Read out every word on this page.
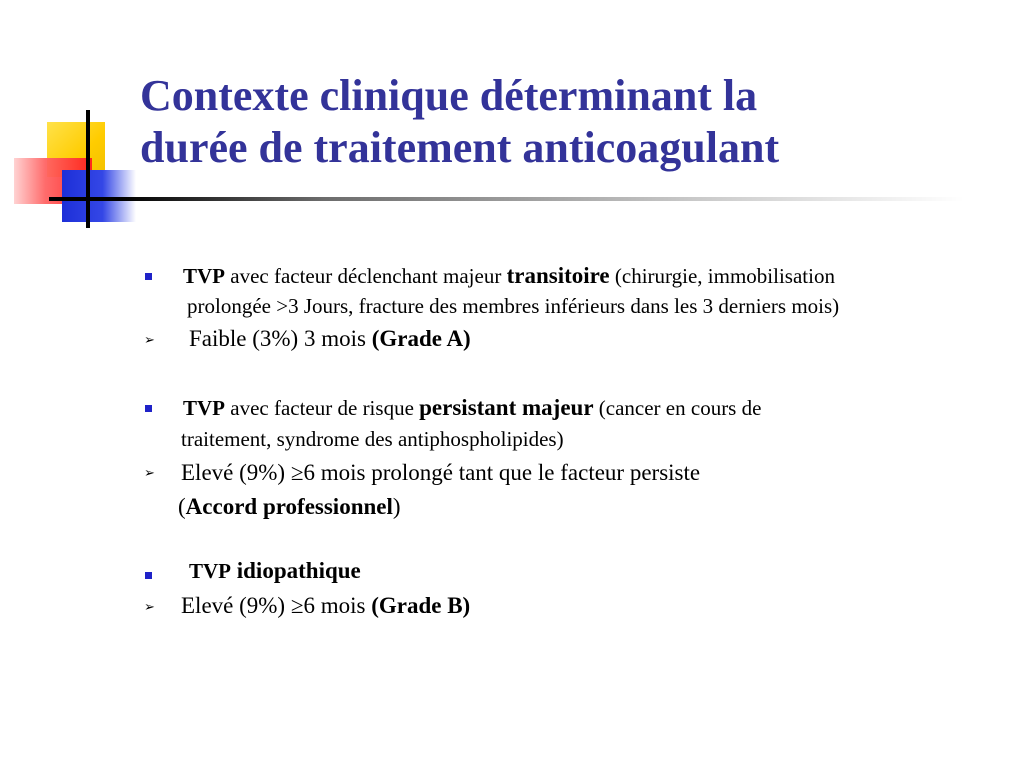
Contexte clinique déterminant la
durée de traitement anticoagulant
TVP avec facteur déclenchant majeur transitoire (chirurgie, immobilisation
prolongée >3 Jours, fracture des membres inférieurs dans les 3 derniers mois)
➢ Faible (3%) 3 mois (Grade A)
TVP avec facteur de risque persistant majeur (cancer en cours de
traitement, syndrome des antiphospholipides)
➢ Elevé (9%) ≥6 mois prolongé tant que le facteur persiste
(Accord professionnel)
TVP idiopathique
➢ Elevé (9%) ≥6 mois (Grade B)
